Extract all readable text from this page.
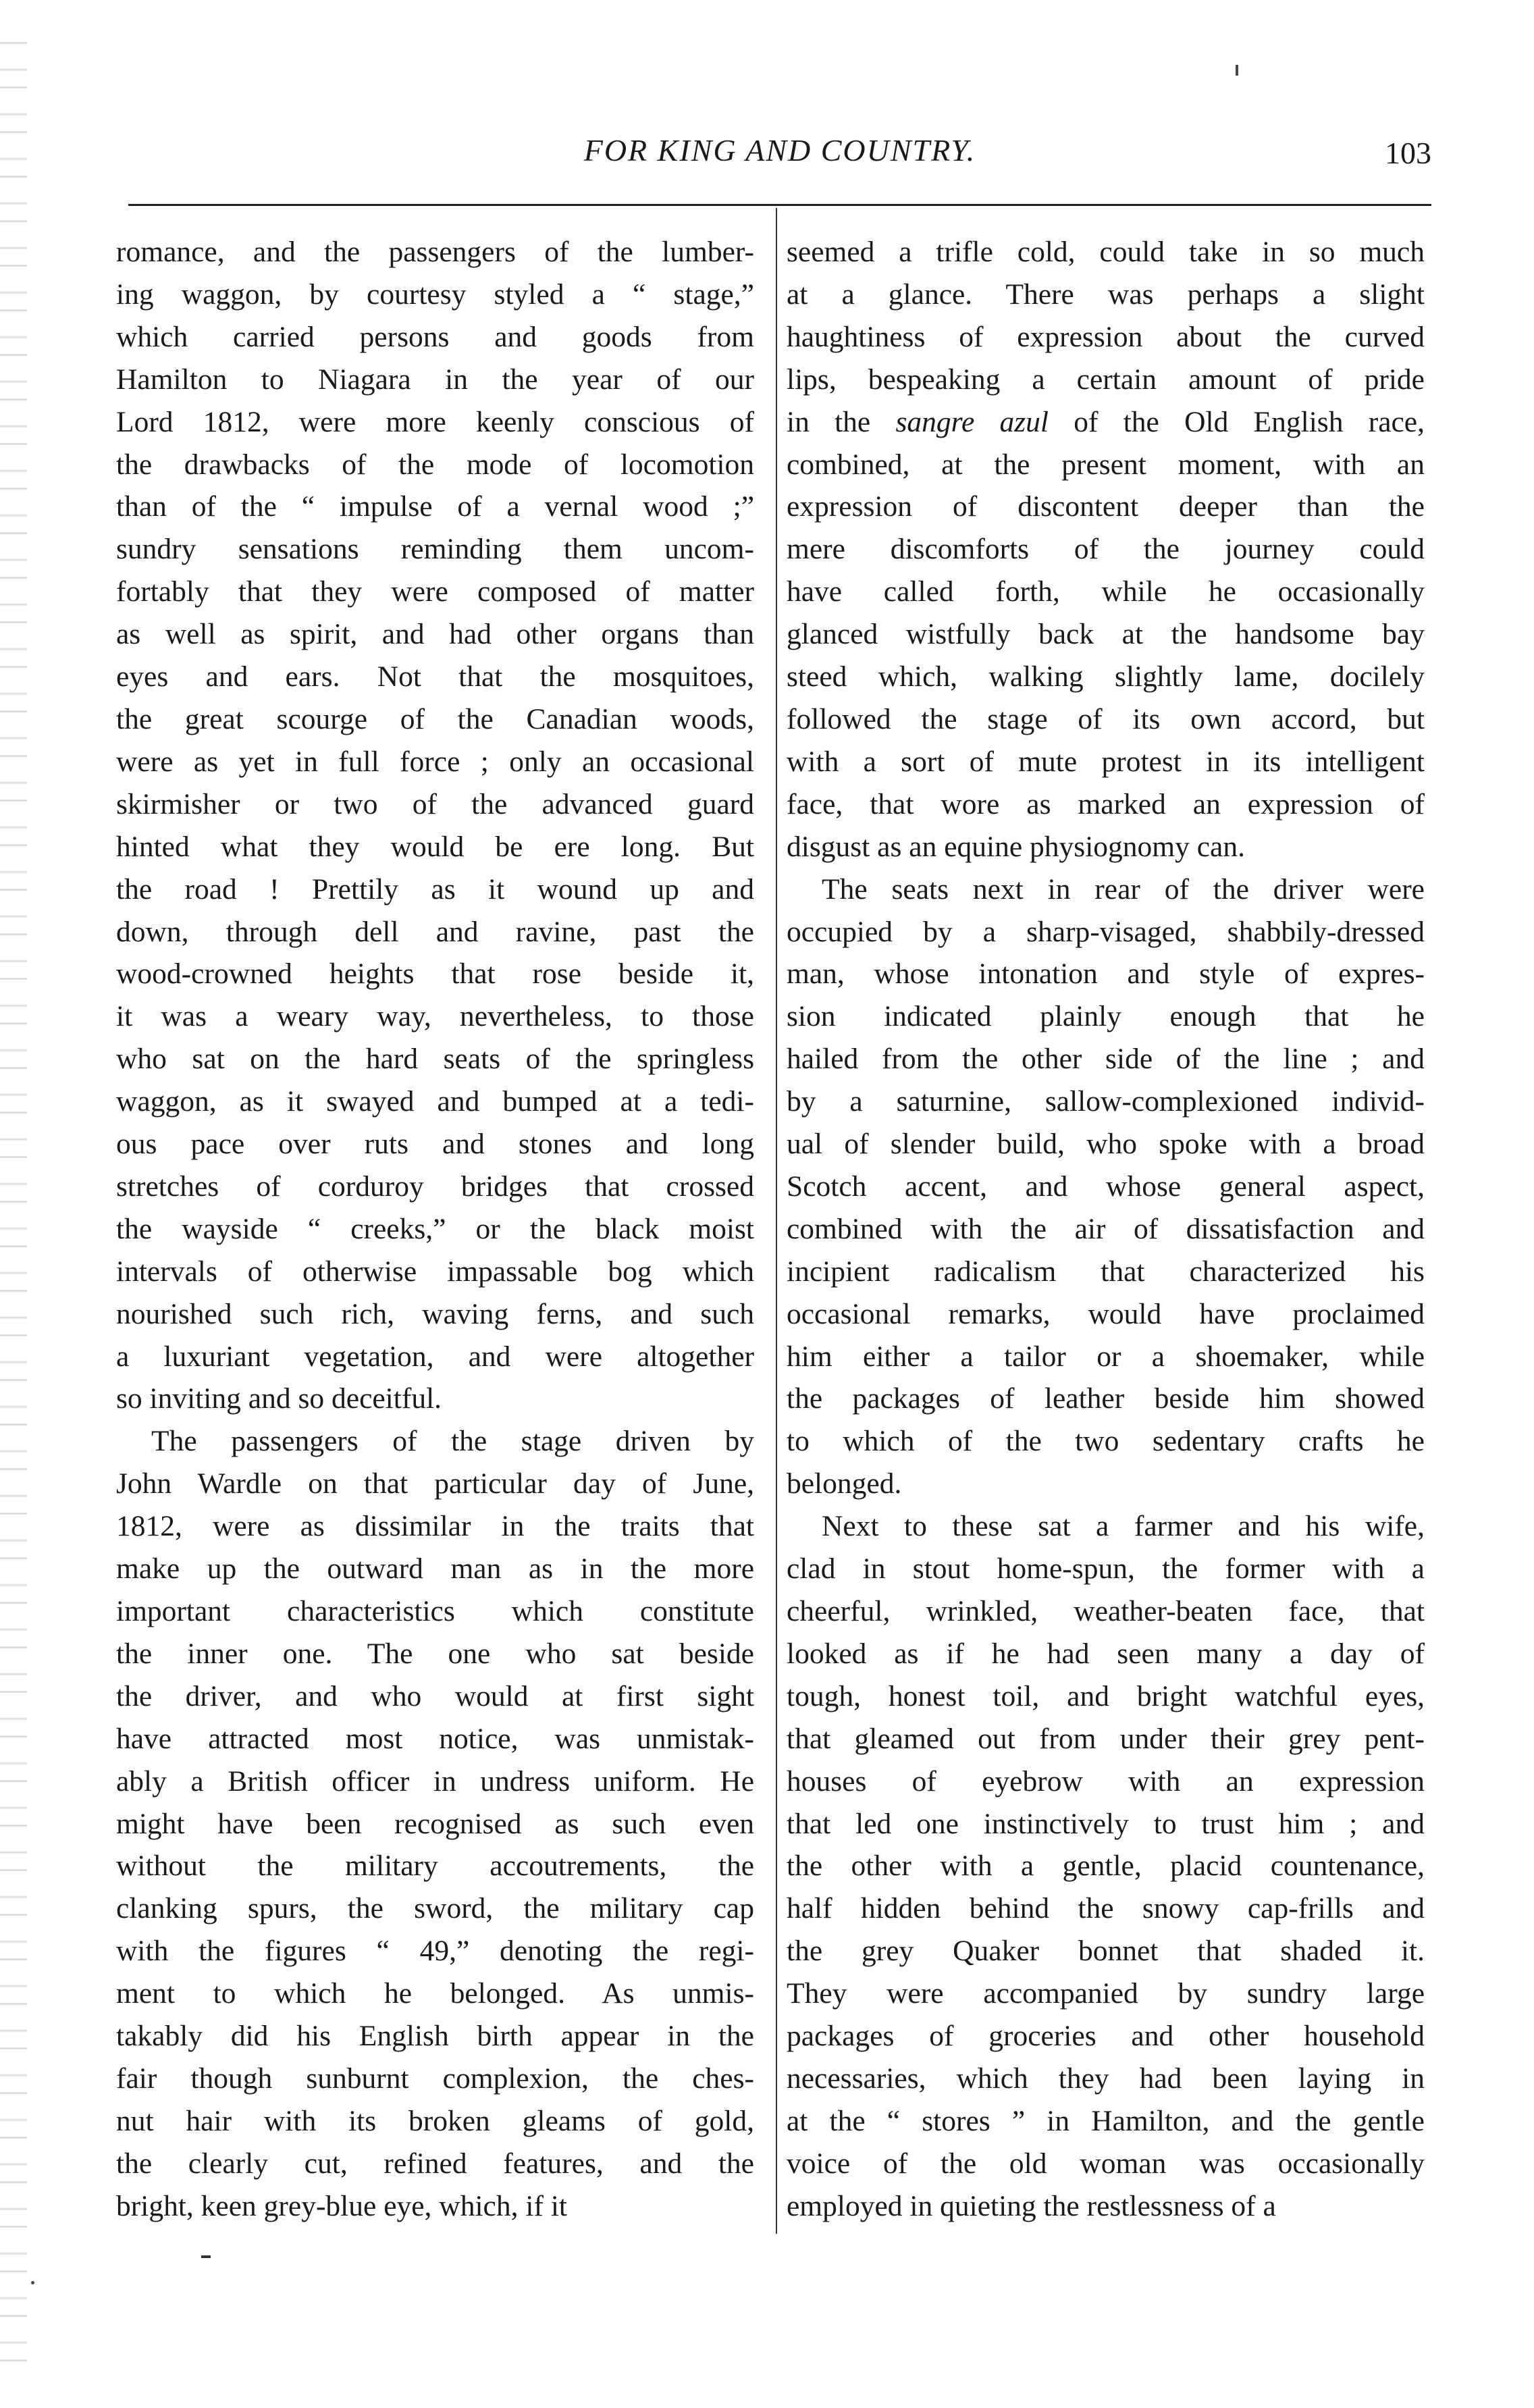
FOR KING AND COUNTRY.	103
romance, and the passengers of the lumber-
ing waggon, by courtesy styled a “ stage,”
which carried persons and goods from
Hamilton to Niagara in the year of our
Lord 1812, were more keenly conscious of
the drawbacks of the mode of locomotion
than of the “ impulse of a vernal wood ;”
sundry sensations reminding them uncom-
fortably that they were composed of matter
as well as spirit, and had other organs than
eyes and ears. Not that the mosquitoes,
the great scourge of the Canadian woods,
were as yet in full force ; only an occasional
skirmisher or two of the advanced guard
hinted what they would be ere long. But
the road ! Prettily as it wound up and
down, through dell and ravine, past the
wood-crowned heights that rose beside it,
it was a weary way, nevertheless, to those
who sat on the hard seats of the springless
waggon, as it swayed and bumped at a tedi-
ous pace over ruts and stones and long
stretches of corduroy bridges that crossed
the wayside “ creeks,” or the black moist
intervals of otherwise impassable bog which
nourished such rich, waving ferns, and such
a luxuriant vegetation, and were altogether
so inviting and so deceitful.
The passengers of the stage driven by
John Wardle on that particular day of June,
1812, were as dissimilar in the traits that
make up the outward man as in the more
important characteristics which constitute
the inner one. The one who sat beside
the driver, and who would at first sight
have attracted most notice, was unmistak-
ably a British officer in undress uniform. He
might have been recognised as such even
without the military accoutrements, the
clanking spurs, the sword, the military cap
with the figures “ 49,” denoting the regi-
ment to which he belonged. As unmis-
takably did his English birth appear in the
fair though sunburnt complexion, the ches-
nut hair with its broken gleams of gold,
the clearly cut, refined features, and the
bright, keen grey-blue eye, which, if it
seemed a trifle cold, could take in so much
at a glance. There was perhaps a slight
haughtiness of expression about the curved
lips, bespeaking a certain amount of pride
in the sangre azul of the Old English race,
combined, at the present moment, with an
expression of discontent deeper than the
mere discomforts of the journey could
have called forth, while he occasionally
glanced wistfully back at the handsome bay
steed which, walking slightly lame, docilely
followed the stage of its own accord, but
with a sort of mute protest in its intelligent
face, that wore as marked an expression of
disgust as an equine physiognomy can.
The seats next in rear of the driver were
occupied by a sharp-visaged, shabbily-dressed
man, whose intonation and style of expres-
sion indicated plainly enough that he
hailed from the other side of the line ; and
by a saturnine, sallow-complexioned individ-
ual of slender build, who spoke with a broad
Scotch accent, and whose general aspect,
combined with the air of dissatisfaction and
incipient radicalism that characterized his
occasional remarks, would have proclaimed
him either a tailor or a shoemaker, while
the packages of leather beside him showed
to which of the two sedentary crafts he
belonged.
Next to these sat a farmer and his wife,
clad in stout home-spun, the former with a
cheerful, wrinkled, weather-beaten face, that
looked as if he had seen many a day of
tough, honest toil, and bright watchful eyes,
that gleamed out from under their grey pent-
houses of eyebrow with an expression
that led one instinctively to trust him ; and
the other with a gentle, placid countenance,
half hidden behind the snowy cap-frills and
the grey Quaker bonnet that shaded it.
They were accompanied by sundry large
packages of groceries and other household
necessaries, which they had been laying in
at the “ stores ” in Hamilton, and the gentle
voice of the old woman was occasionally
employed in quieting the restlessness of a
